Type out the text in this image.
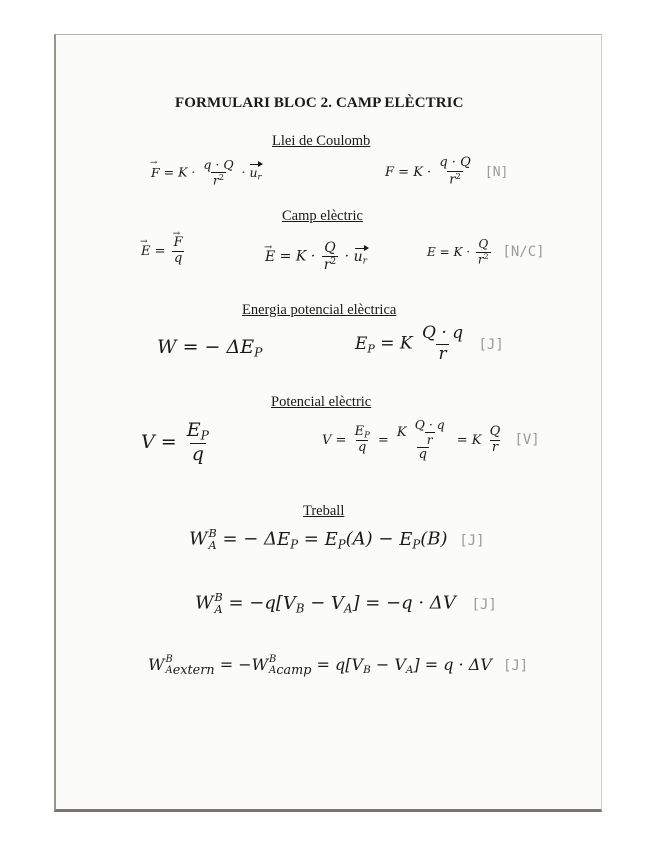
FORMULARI BLOC 2. CAMP ELÈCTRIC
Llei de Coulomb
→ $F = K \cdot \frac{q \cdot Q}{r^2} \cdot u_r$	$F = K \cdot \frac{q \cdot Q}{r^2} [N]$
Camp elèctric
→ E = → $\frac{F}{q}$	→ $E = K \cdot \frac{Q}{r^2} \cdot u_r$
$E = K \cdot \frac{Q}{r^2} [N/C]$
Energia potencial elèctrica
W = − $\Delta E_P$	$E_P = K \frac{Q \cdot q}{r} [J]$
Potencial elèctric
$V = \frac{E_P}{q}$	$V = \frac{E_P}{q} = \frac{K \frac{Q \cdot q}{r}}{q} = K \frac{Q}{r} [V]$
Treball
W B
A = − $\Delta E_P = E_P(A) - E_P(B)$ [J]
W B
$A = -q[V_B - V_A] = -q \cdot \Delta V$ [J]
W B
A $_{extern}$ = −W B
A $_{camp} = q[V_B - V_A] = q \cdot \Delta V$ [J]
